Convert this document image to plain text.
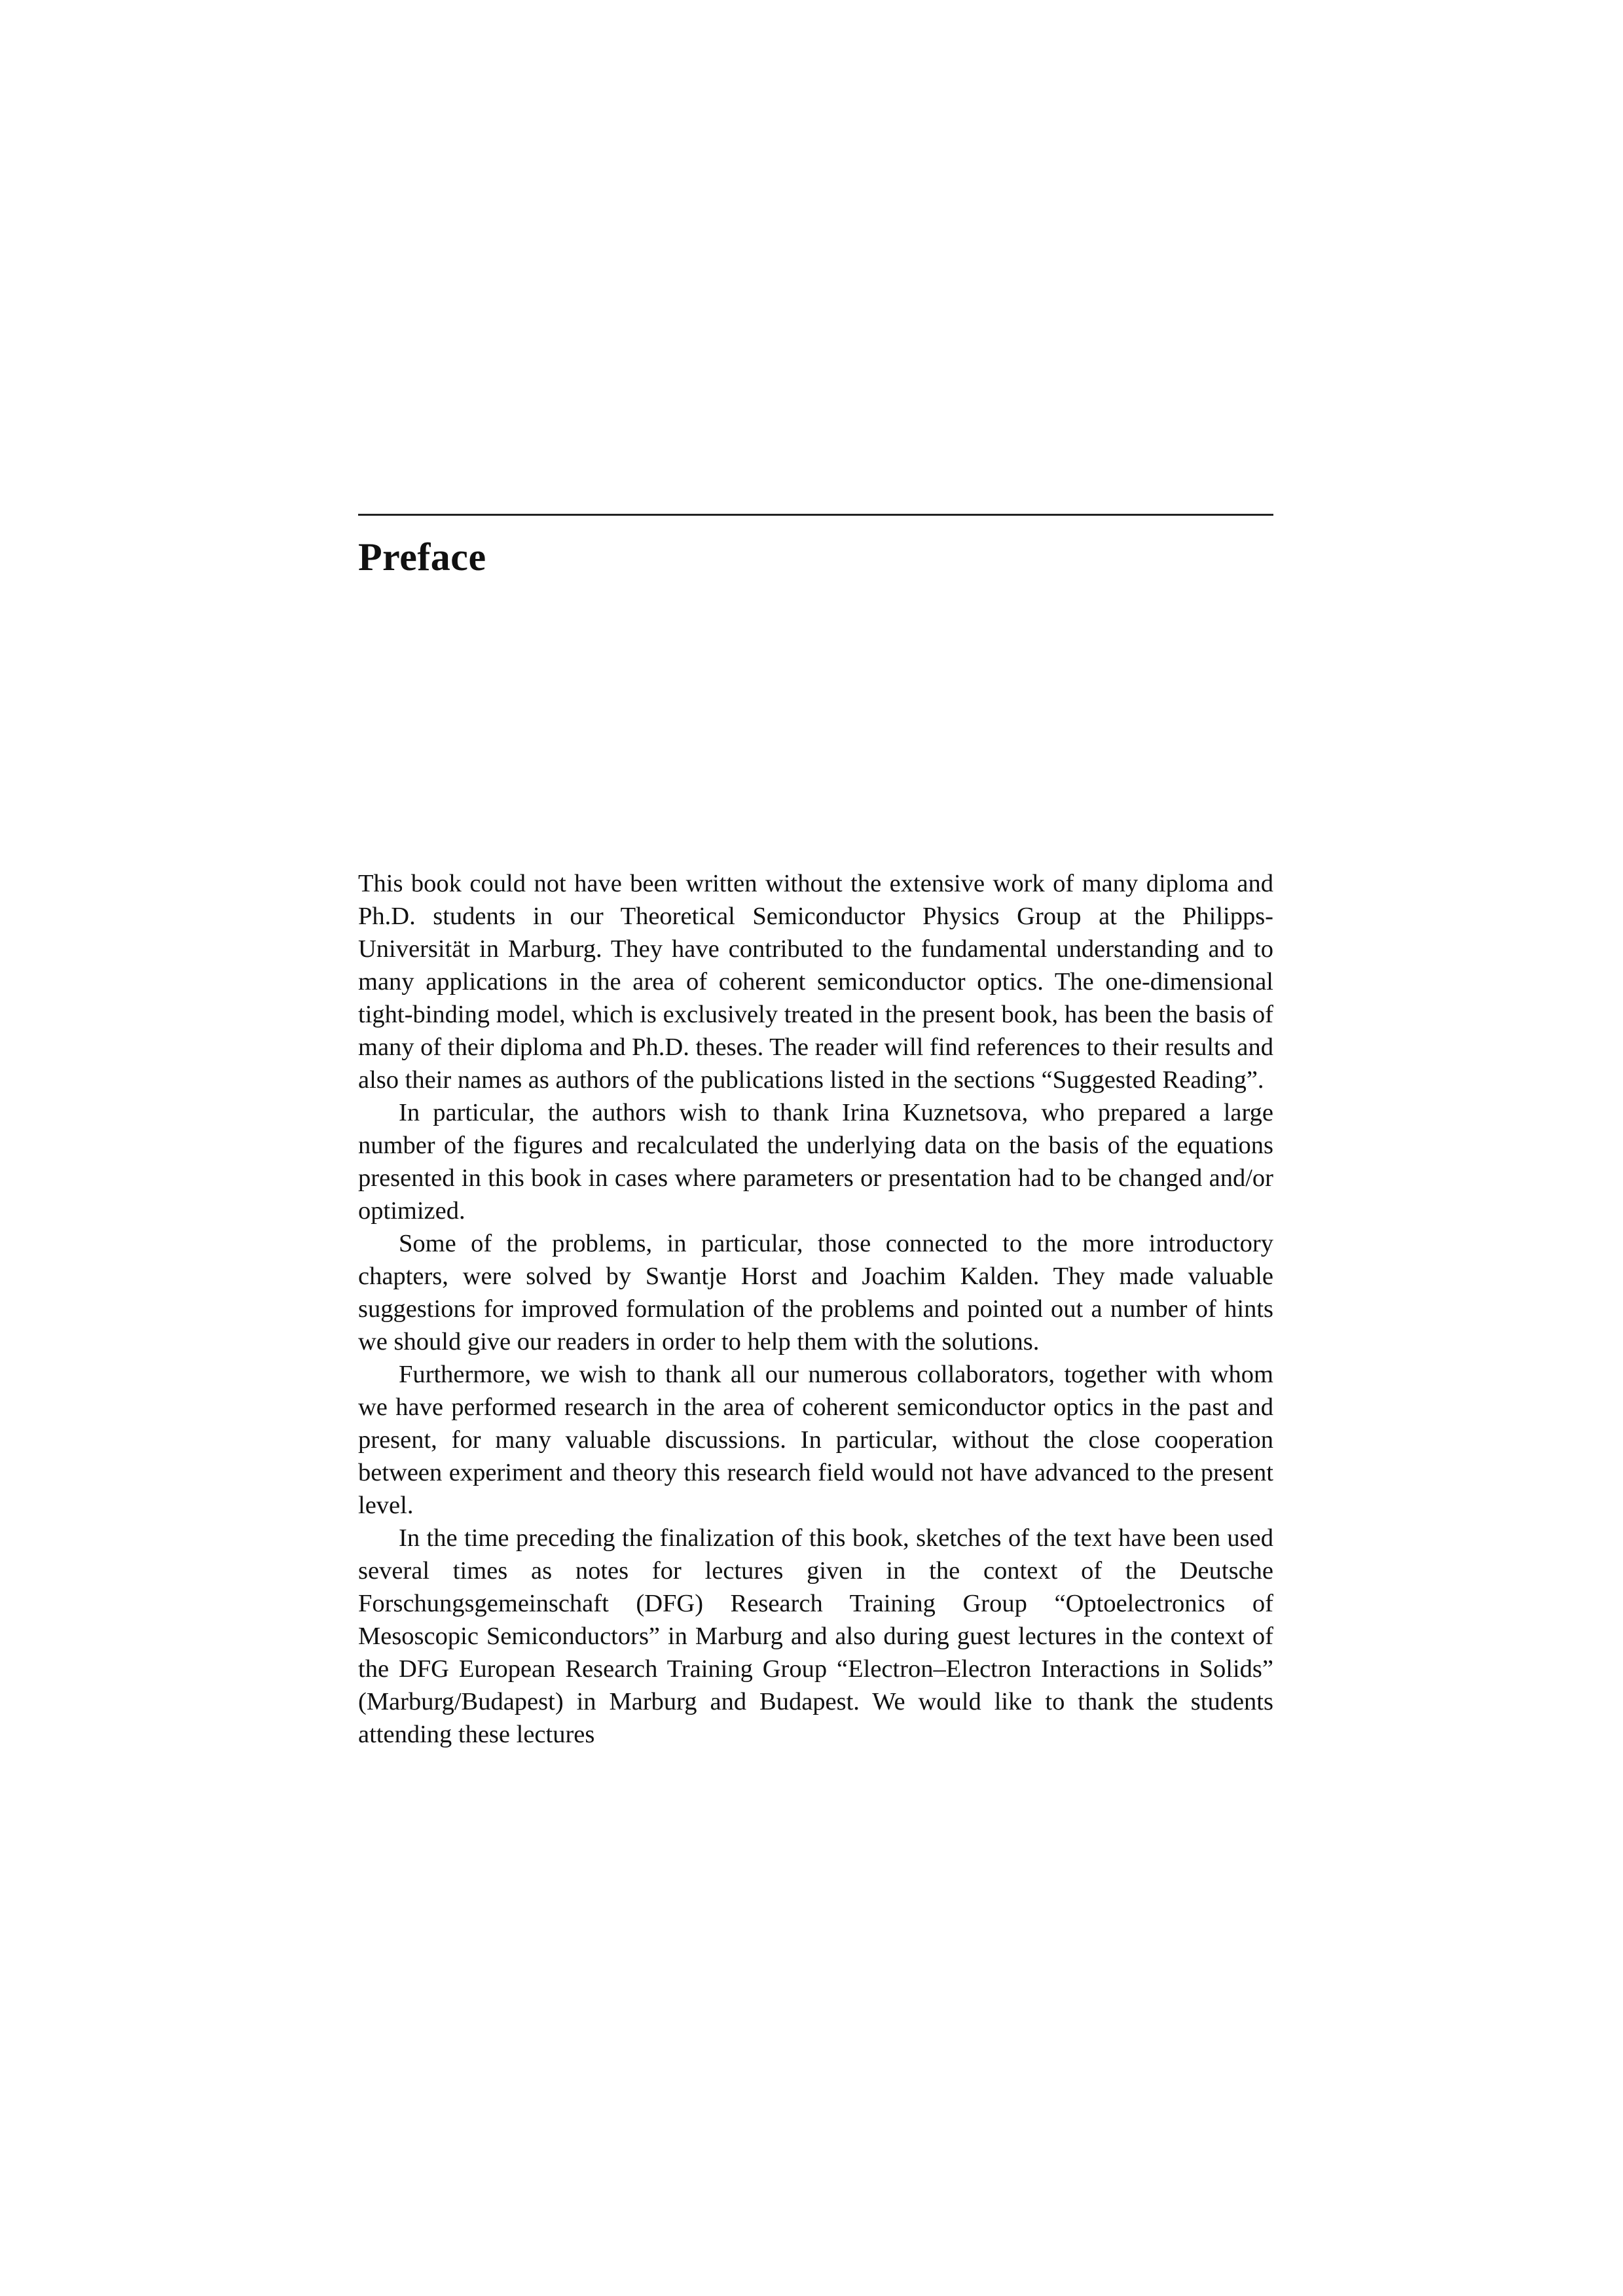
Preface

This book could not have been written without the extensive work of many diploma and Ph.D. students in our Theoretical Semiconductor Physics Group at the Philipps-Universität in Marburg. They have contributed to the fundamental understanding and to many applications in the area of coherent semiconductor optics. The one-dimensional tight-binding model, which is exclusively treated in the present book, has been the basis of many of their diploma and Ph.D. theses. The reader will find references to their results and also their names as authors of the publications listed in the sections “Suggested Reading”.

In particular, the authors wish to thank Irina Kuznetsova, who prepared a large number of the figures and recalculated the underlying data on the basis of the equations presented in this book in cases where parameters or presentation had to be changed and/or optimized.

Some of the problems, in particular, those connected to the more introductory chapters, were solved by Swantje Horst and Joachim Kalden. They made valuable suggestions for improved formulation of the problems and pointed out a number of hints we should give our readers in order to help them with the solutions.

Furthermore, we wish to thank all our numerous collaborators, together with whom we have performed research in the area of coherent semiconductor optics in the past and present, for many valuable discussions. In particular, without the close cooperation between experiment and theory this research field would not have advanced to the present level.

In the time preceding the finalization of this book, sketches of the text have been used several times as notes for lectures given in the context of the Deutsche Forschungsgemeinschaft (DFG) Research Training Group “Optoelectronics of Mesoscopic Semiconductors” in Marburg and also during guest lectures in the context of the DFG European Research Training Group “Electron–Electron Interactions in Solids” (Marburg/Budapest) in Marburg and Budapest. We would like to thank the students attending these lectures
